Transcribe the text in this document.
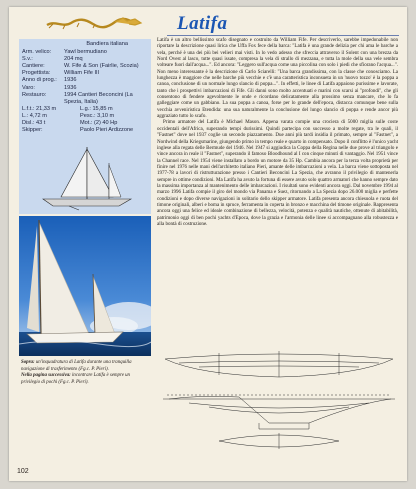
Latifa
Bandiera italiana
Arm. velico:	Yawl bermudiano
S.v.:	204 mq
Cantiere:	W. Fife & Son (Fairlie, Scozia)
Progettista:	William Fife III
Anno di prog.:	1936
Varo:	1936
Restauro:	1994 Cantieri Beconcini (La Spezia, Italia)
L.f.t.: 21,33 m	L.g.: 15,85 m
L.: 4,72 m	Pesc.: 3,10 m
Disl.: 43 t	Mot.: (2) 40 Hp
Skipper:	Paolo Pieri Ardizzone
Sopra: un'inquadratura di Latifa durante una tranquilla navigazione di trasferimento (Fg.c. P. Pieri).
Nella pagina successiva: incontrare Latifa è sempre un privilegio di pochi (Fg.c. P. Pieri).
102

Latifa è un altro bellissimo scafo disegnato e costruito da William Fife. Per descriverlo, sarebbe impedonabile non riportare la descrizione quasi lirica che Uffa Fox fece della barca: "Latifa è una grande delizia per chi ama le barche a vela, perché è una dei più bei velieri mai visti. In lo vedo adesso che sfreccia attraverso il Solent con una brezza da Nord Ovest al lasco, tutte quasi issate, compresa la vela di strallo di mezzana, e tutta la mole della sua vele sembra volteare fuori dall'acqua...". Ed ancora: "Leggero sull'acqua come una piccolina con solo i piedi che sfiorano l'acqua...". Non meno interessante è la descrizione di Carlo Sciarelli: "Una barca grandissima, con la classe che conosciamo. La lunghezza è maggiore che nelle barche più vecchie e c'è una caratteristica inconsueta in un 'nuovo tozzo' è la poppa a canoa, conclusione di un normale lungo slancio di poppa...". In effetti, le linee di Latifa appaiono purissime e lavorate, tanto che i prospettivi imbarcazioni di Fife. Gli danni sono molto accentuati e marini con scarsi ai "profondi", che gli consentono di fendere agevolmente le onde e ricordano delicatamente alla prossimo senza mancare, che lo fa galleggiare come un gabbiano. La sua poppa a canoa, forse per lo grande dell'epoca, distacca comunque bene sulla vecchia avveniristica Etendida: una sua naturalmente la conclusione del lungo slancio di poppa e rende ancor più aggraziato tutto lo scafo.

Primo armatore del Latifa è Michael Mason. Appena varata compie una crociera di 5000 miglia sulle coste occidentali dell'Africa, superando tempi durissimi. Quindi partecipa con successo a molte regate, tra le quali, il "Fastnet" dove nel 1937 coglie un secondo piazzamento. Due anni più tardi insidia il primato, sempre al "Fastnet", a Nordwind della Kriegsmarine, giungendo primo in tempo reale e quarto in compensato. Dopo il conflitto è l'unico yacht inglese alla regata delle Bermude del 1946. Nel 1947 si aggiudica la Coppa della Regina nelle due prove al triangolo e vince ancora in reale il "Fastnet", superando il famoso Bloodhound al I con cinque minuti di vantaggio. Nel 1951 vince la Channel race. Nel 1954 viene installato a bordo un motore da 35 Hp. Cambia ancora per la terza volta proprietà per finire nel 1976 nelle mani dell'architetto italiano Pieri, amante delle imbarcazioni a vela. La barca viene sottoposta nel 1977-78 a lavori di ristrutturazione presso i Cantieri Beconcini La Spezia, che avranno il privilegio di mantenerla sempre in ottime condizioni. Ma Latifa ha avuto la fortuna di essere avuto solo quattro armatori che hanno sempre dato la massima importanza al mantenimento delle imbarcazioni. I risultati sono evidenti ancora oggi. Dal novembre 1994 al marzo 1996 Latifa compie il giro del mondo via Panama e Suez, ritornando a La Spezia dopo 26.000 miglia e perfette condizioni e dopo diverse navigazioni in solitario dello skipper armatore. Latifa presenta ancora chiesuola e ruota del timone originali, alberi e boma in spruce, ferramenta in coperta in bronzo e macchina del timone originale. Rappresenta ancora oggi una felice ed ideale combinazione di bellezza, velocità, potenza e qualità nautiche, ottenute di abitabilità, patrimonio oggi di ben pochi yachts d'Epoca, dove la grazia e l'armonia delle linee si accompagnano alla robustezza e alla bontà di costruzione.
